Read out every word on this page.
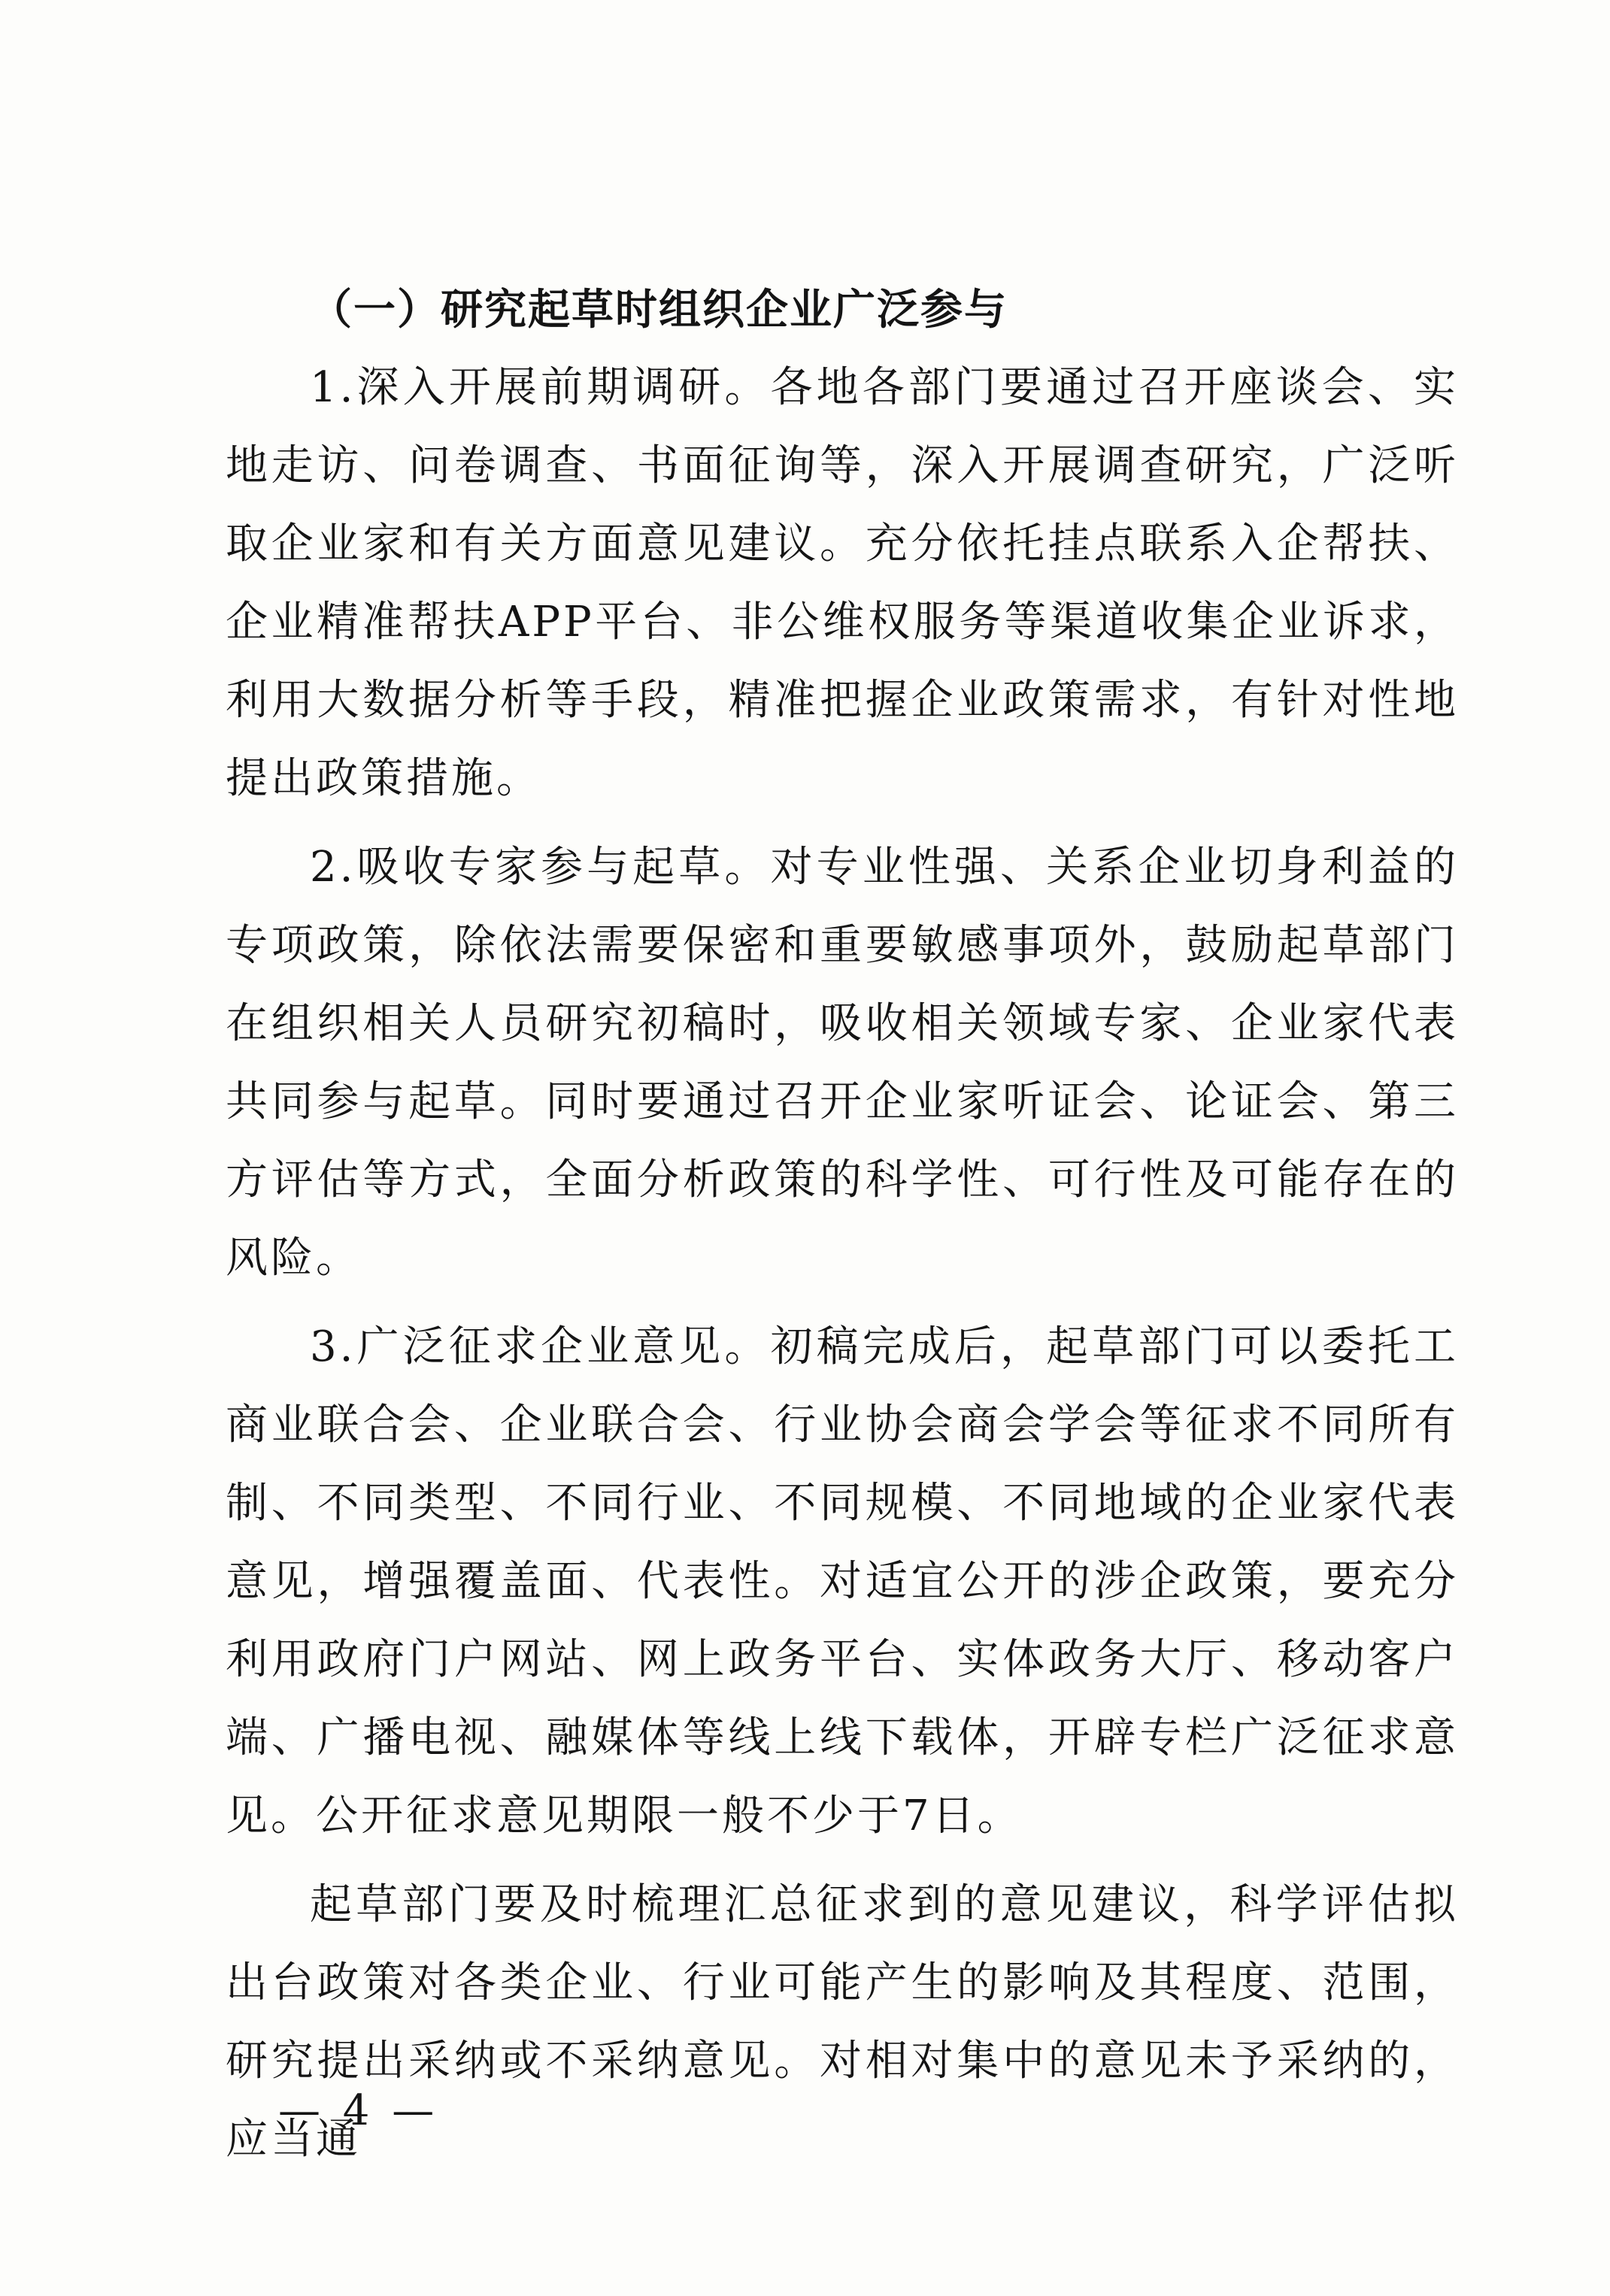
（一）研究起草时组织企业广泛参与

1.深入开展前期调研。各地各部门要通过召开座谈会、实地走访、问卷调查、书面征询等，深入开展调查研究，广泛听取企业家和有关方面意见建议。充分依托挂点联系入企帮扶、企业精准帮扶APP平台、非公维权服务等渠道收集企业诉求，利用大数据分析等手段，精准把握企业政策需求，有针对性地提出政策措施。

2.吸收专家参与起草。对专业性强、关系企业切身利益的专项政策，除依法需要保密和重要敏感事项外，鼓励起草部门在组织相关人员研究初稿时，吸收相关领域专家、企业家代表共同参与起草。同时要通过召开企业家听证会、论证会、第三方评估等方式，全面分析政策的科学性、可行性及可能存在的风险。

3.广泛征求企业意见。初稿完成后，起草部门可以委托工商业联合会、企业联合会、行业协会商会学会等征求不同所有制、不同类型、不同行业、不同规模、不同地域的企业家代表意见，增强覆盖面、代表性。对适宜公开的涉企政策，要充分利用政府门户网站、网上政务平台、实体政务大厅、移动客户端、广播电视、融媒体等线上线下载体，开辟专栏广泛征求意见。公开征求意见期限一般不少于7日。

起草部门要及时梳理汇总征求到的意见建议，科学评估拟出台政策对各类企业、行业可能产生的影响及其程度、范围，研究提出采纳或不采纳意见。对相对集中的意见未予采纳的，应当通

— 4 —
